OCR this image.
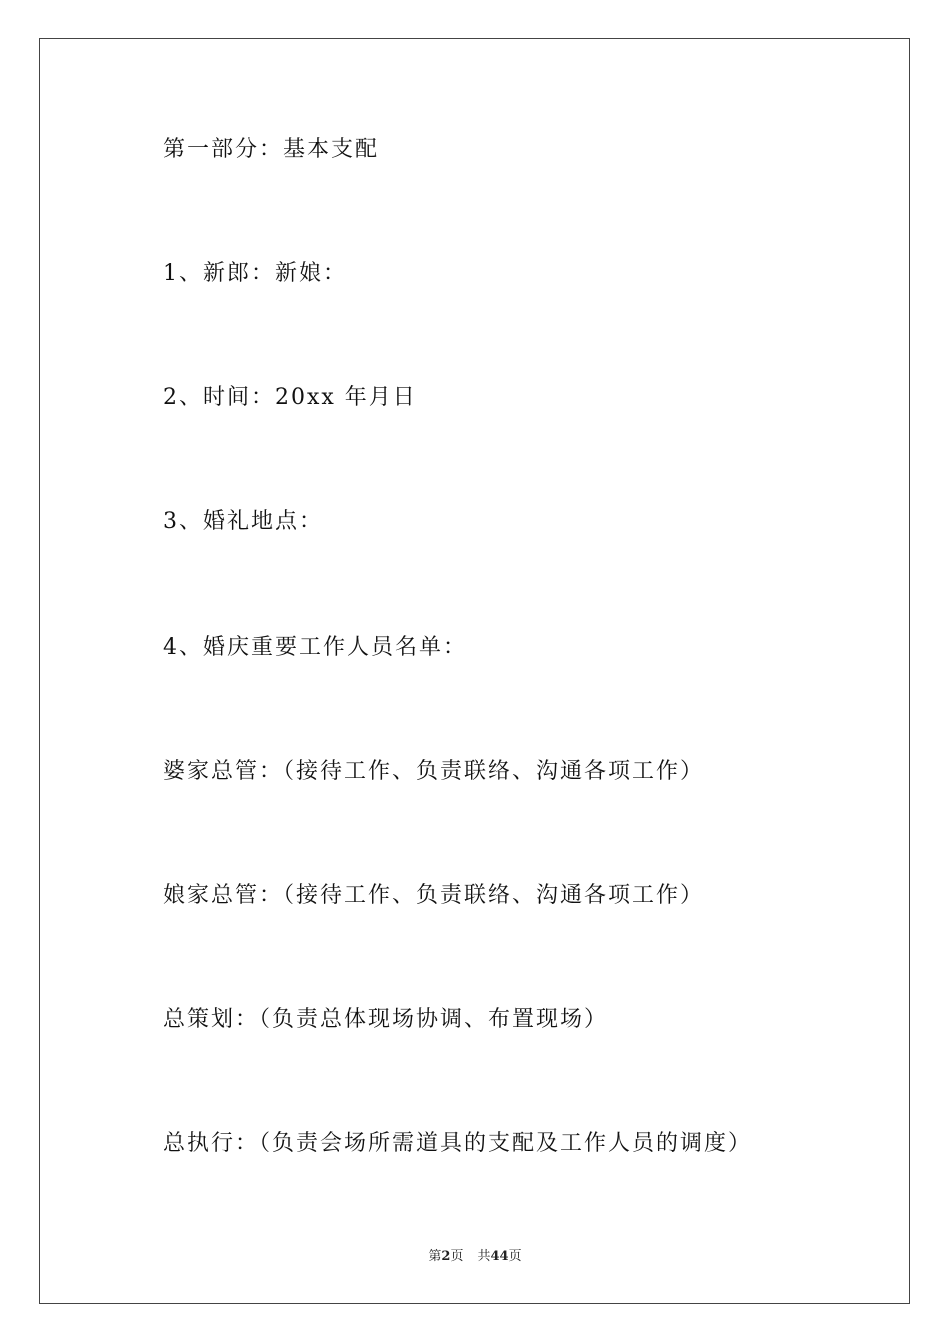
第一部分：基本支配
1、新郎：新娘：
2、时间：20xx 年月日
3、婚礼地点：
4、婚庆重要工作人员名单：
婆家总管：（接待工作、负责联络、沟通各项工作）
娘家总管：（接待工作、负责联络、沟通各项工作）
总策划：（负责总体现场协调、布置现场）
总执行：（负责会场所需道具的支配及工作人员的调度）
第2页 共44页
